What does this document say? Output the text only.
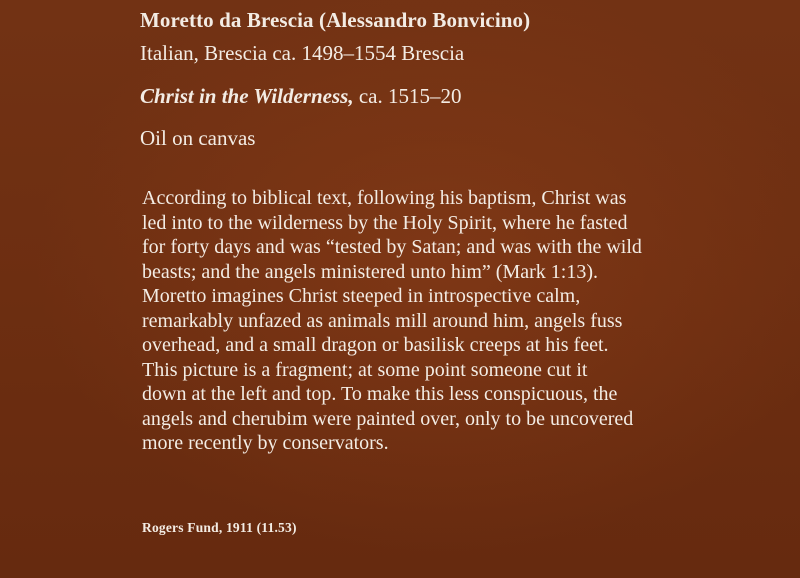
Moretto da Brescia (Alessandro Bonvicino)
Italian, Brescia ca. 1498–1554 Brescia
Christ in the Wilderness, ca. 1515–20
Oil on canvas
According to biblical text, following his baptism, Christ was
led into to the wilderness by the Holy Spirit, where he fasted
for forty days and was “tested by Satan; and was with the wild
beasts; and the angels ministered unto him” (Mark 1:13).
Moretto imagines Christ steeped in introspective calm,
remarkably unfazed as animals mill around him, angels fuss
overhead, and a small dragon or basilisk creeps at his feet.
This picture is a fragment; at some point someone cut it
down at the left and top. To make this less conspicuous, the
angels and cherubim were painted over, only to be uncovered
more recently by conservators.
Rogers Fund, 1911 (11.53)
